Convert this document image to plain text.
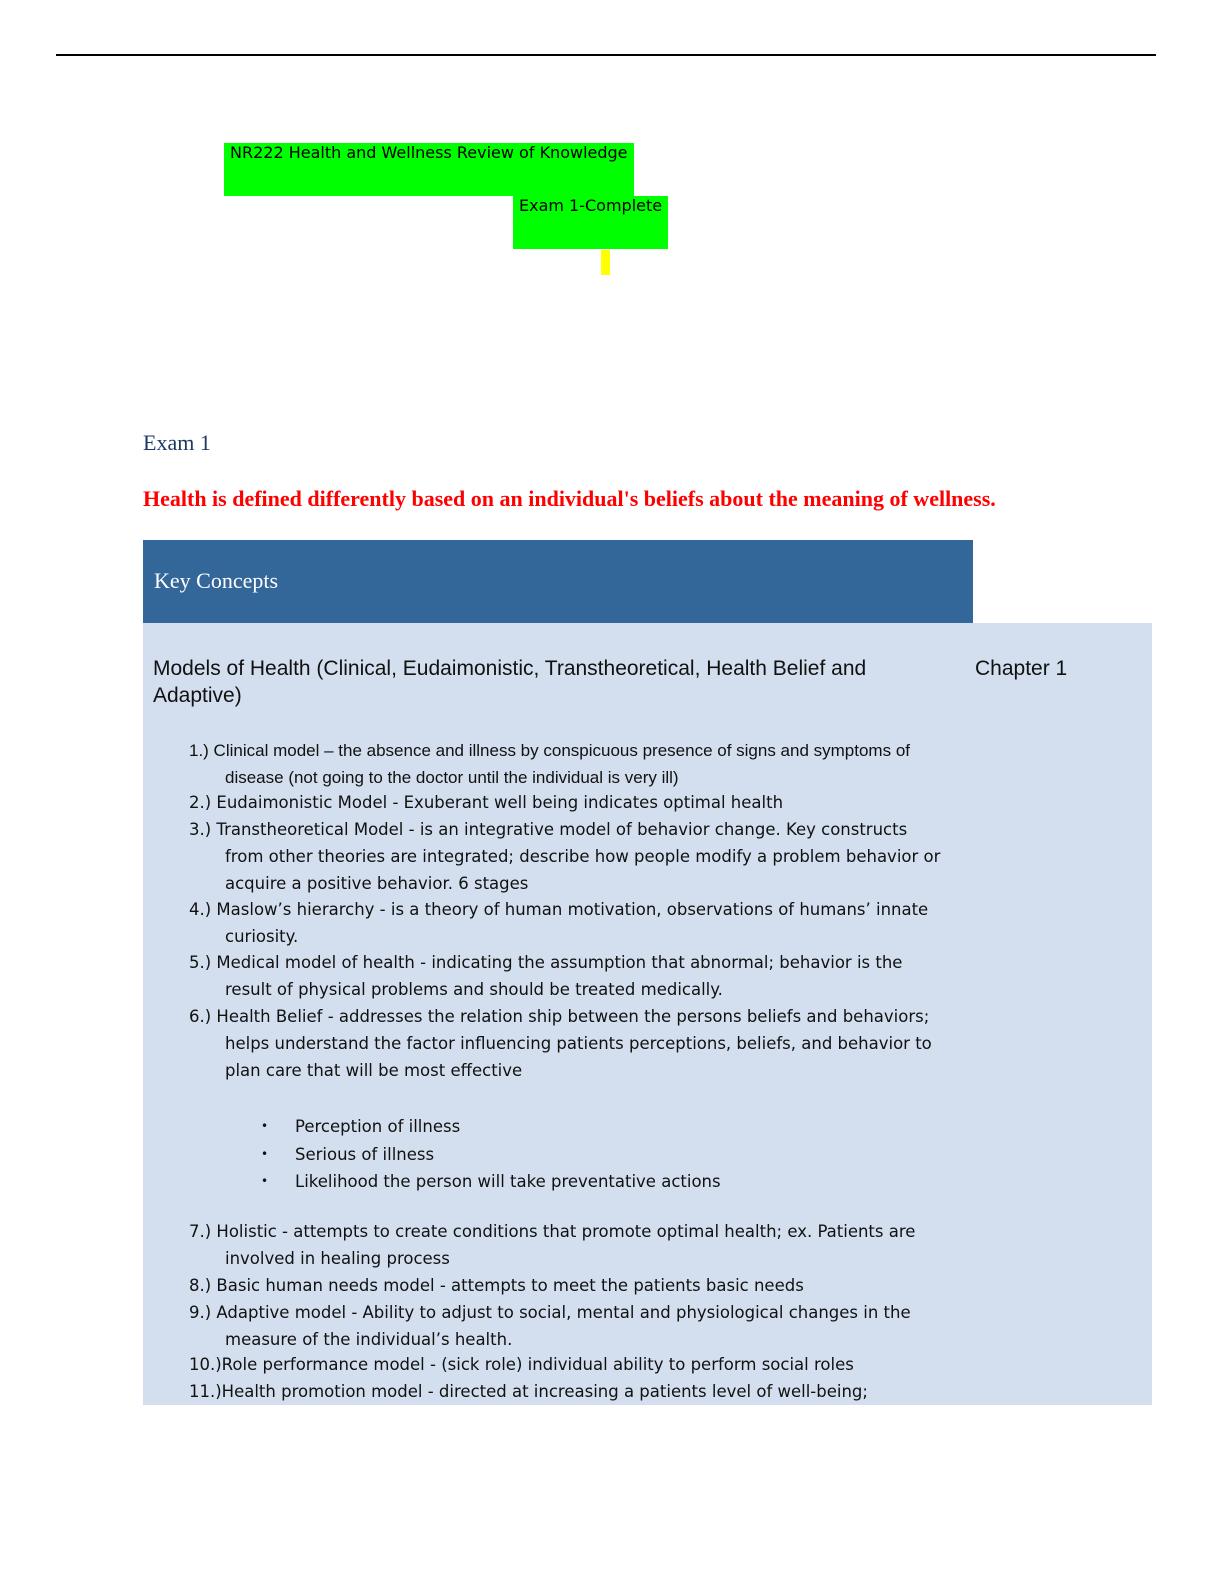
NR222 Health and Wellness Review of Knowledge
Exam 1-Complete
Exam 1
Health is defined differently based on an individual's beliefs about the meaning of wellness.
Key Concepts
Models of Health (Clinical, Eudaimonistic, Transtheoretical, Health Belief and Adaptive)
Chapter 1
1.) Clinical model – the absence and illness by conspicuous presence of signs and symptoms of disease (not going to the doctor until the individual is very ill)
2.) Eudaimonistic Model - Exuberant well being indicates optimal health
3.) Transtheoretical Model - is an integrative model of behavior change. Key constructs from other theories are integrated; describe how people modify a problem behavior or acquire a positive behavior. 6 stages
4.) Maslow’s hierarchy - is a theory of human motivation, observations of humans’ innate curiosity.
5.) Medical model of health - indicating the assumption that abnormal; behavior is the result of physical problems and should be treated medically.
6.) Health Belief - addresses the relation ship between the persons beliefs and behaviors; helps understand the factor influencing patients perceptions, beliefs, and behavior to plan care that will be most effective
• Perception of illness
• Serious of illness
• Likelihood the person will take preventative actions
7.) Holistic - attempts to create conditions that promote optimal health; ex. Patients are involved in healing process
8.) Basic human needs model - attempts to meet the patients basic needs
9.) Adaptive model - Ability to adjust to social, mental and physiological changes in the measure of the individual’s health.
10.)Role performance model - (sick role) individual ability to perform social roles
11.)Health promotion model - directed at increasing a patients level of well-being;
